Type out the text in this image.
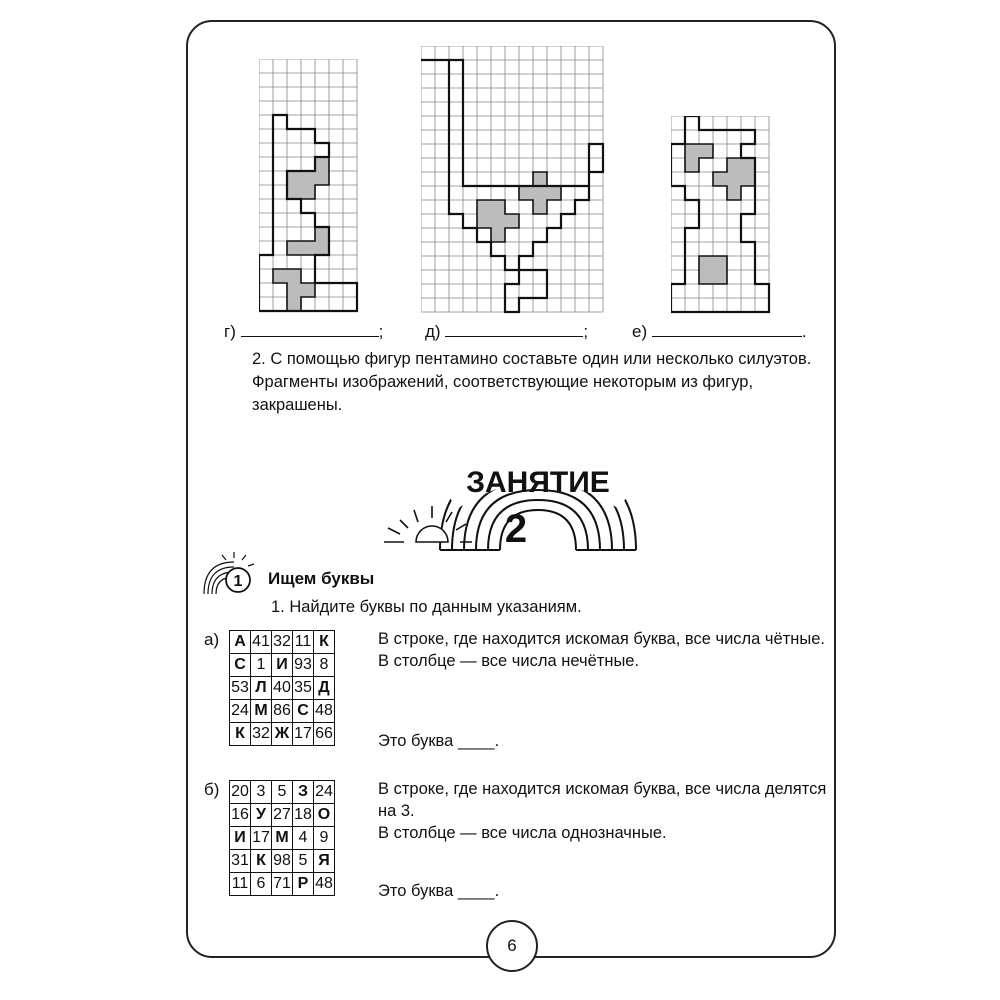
г)	; д)	;	е)	.
2. С помощью фигур пентамино составьте один или несколько силуэтов. Фрагменты изображений, соответствующие некоторым из фигур, закрашены.
ЗАНЯТИЕ
2
1 Ищем буквы
1. Найдите буквы по данным указаниям.
а) А	41	32	11	К
С	1	И	93	8
53	Л	40	35	Д
24	М	86	С	48
К	32	Ж	17	66
В строке, где находится искомая буква, все числа чётные.
В столбце — все числа нечётные.
Это буква ____.
б) 20	3	5	З	24
16	У	27	18	О
И	17	М	4	9
31	К	98	5	Я
11	6	71	Р	48
В строке, где находится искомая буква, все числа делятся на 3.
В столбце — все числа однозначные.
Это буква ____.
6
